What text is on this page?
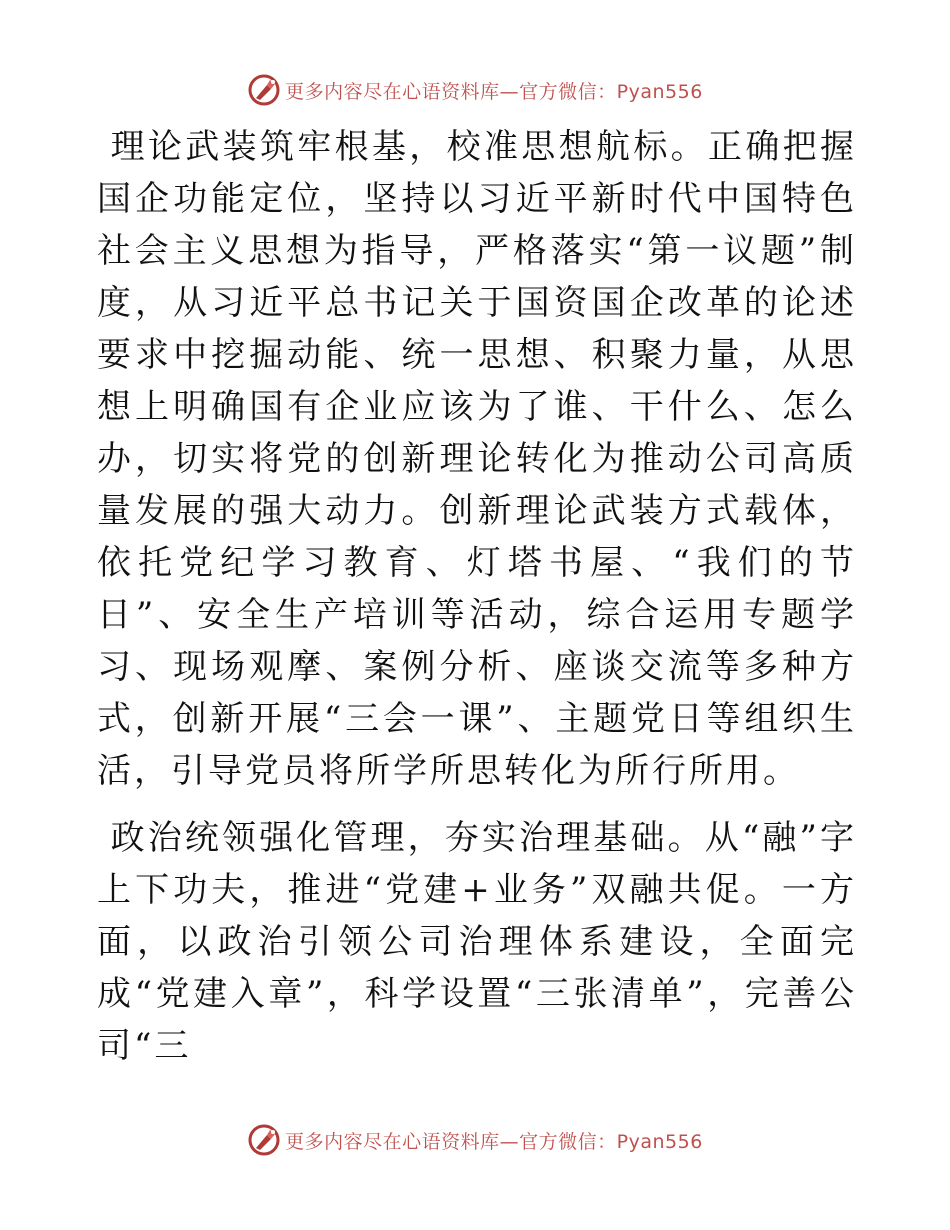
更多内容尽在心语资料库—官方微信：Pyan556

理论武装筑牢根基，校准思想航标。正确把握国企功能定位，坚持以习近平新时代中国特色社会主义思想为指导，严格落实“第一议题”制度，从习近平总书记关于国资国企改革的论述要求中挖掘动能、统一思想、积聚力量，从思想上明确国有企业应该为了谁、干什么、怎么办，切实将党的创新理论转化为推动公司高质量发展的强大动力。创新理论武装方式载体，依托党纪学习教育、灯塔书屋、“我们的节日”、安全生产培训等活动，综合运用专题学习、现场观摩、案例分析、座谈交流等多种方式，创新开展“三会一课”、主题党日等组织生活，引导党员将所学所思转化为所行所用。

政治统领强化管理，夯实治理基础。从“融”字上下功夫，推进“党建+业务”双融共促。一方面，以政治引领公司治理体系建设，全面完成“党建入章”，科学设置“三张清单”，完善公司“三

更多内容尽在心语资料库—官方微信：Pyan556
